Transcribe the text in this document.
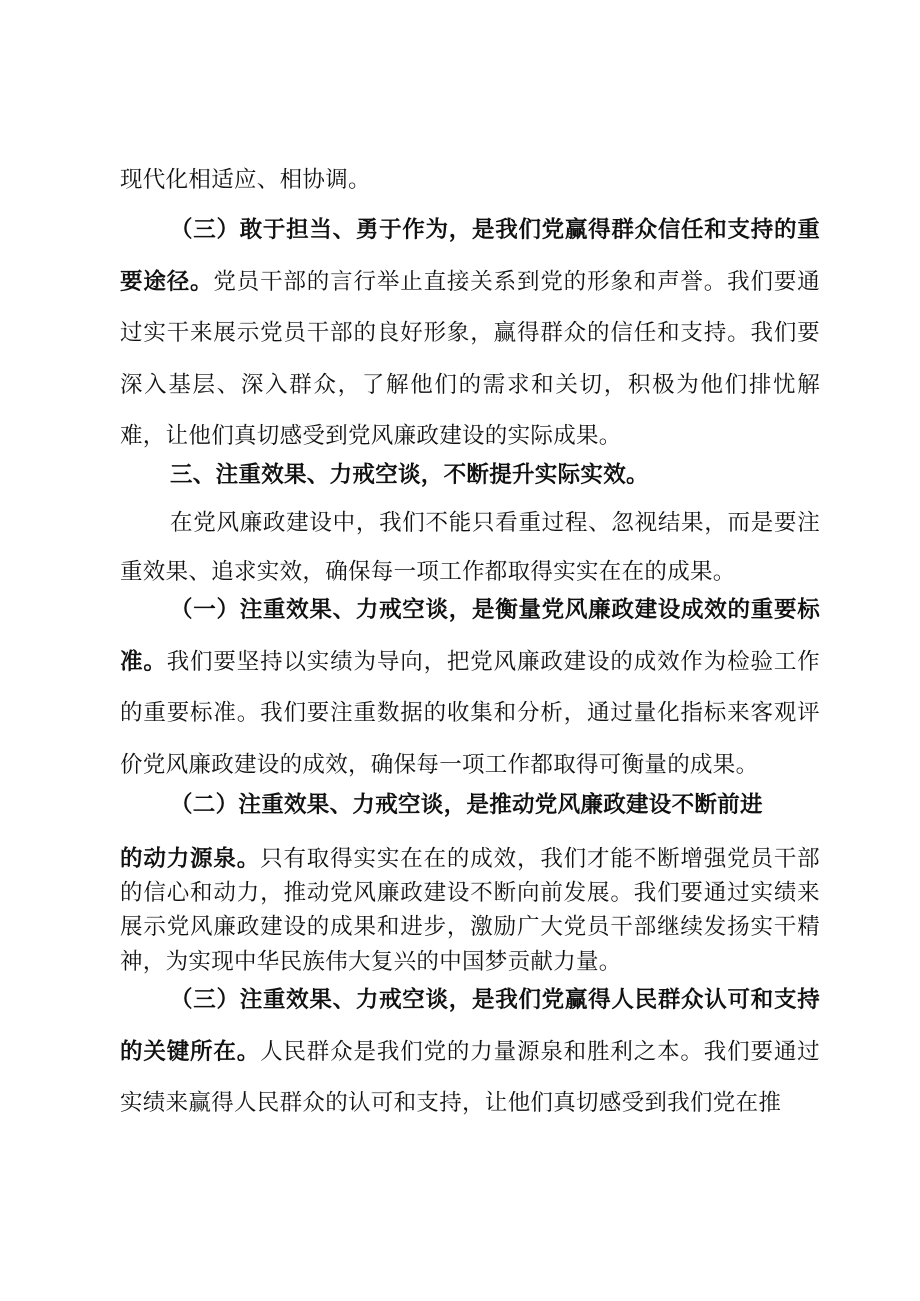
现代化相适应、相协调。

（三）敢于担当、勇于作为，是我们党赢得群众信任和支持的重要途径。党员干部的言行举止直接关系到党的形象和声誉。我们要通过实干来展示党员干部的良好形象，赢得群众的信任和支持。我们要深入基层、深入群众，了解他们的需求和关切，积极为他们排忧解难，让他们真切感受到党风廉政建设的实际成果。

三、注重效果、力戒空谈，不断提升实际实效。

在党风廉政建设中，我们不能只看重过程、忽视结果，而是要注重效果、追求实效，确保每一项工作都取得实实在在的成果。

（一）注重效果、力戒空谈，是衡量党风廉政建设成效的重要标准。我们要坚持以实绩为导向，把党风廉政建设的成效作为检验工作的重要标准。我们要注重数据的收集和分析，通过量化指标来客观评价党风廉政建设的成效，确保每一项工作都取得可衡量的成果。

（二）注重效果、力戒空谈，是推动党风廉政建设不断前进

的动力源泉。只有取得实实在在的成效，我们才能不断增强党员干部的信心和动力，推动党风廉政建设不断向前发展。我们要通过实绩来展示党风廉政建设的成果和进步，激励广大党员干部继续发扬实干精神，为实现中华民族伟大复兴的中国梦贡献力量。

（三）注重效果、力戒空谈，是我们党赢得人民群众认可和支持的关键所在。人民群众是我们党的力量源泉和胜利之本。我们要通过实绩来赢得人民群众的认可和支持，让他们真切感受到我们党在推
